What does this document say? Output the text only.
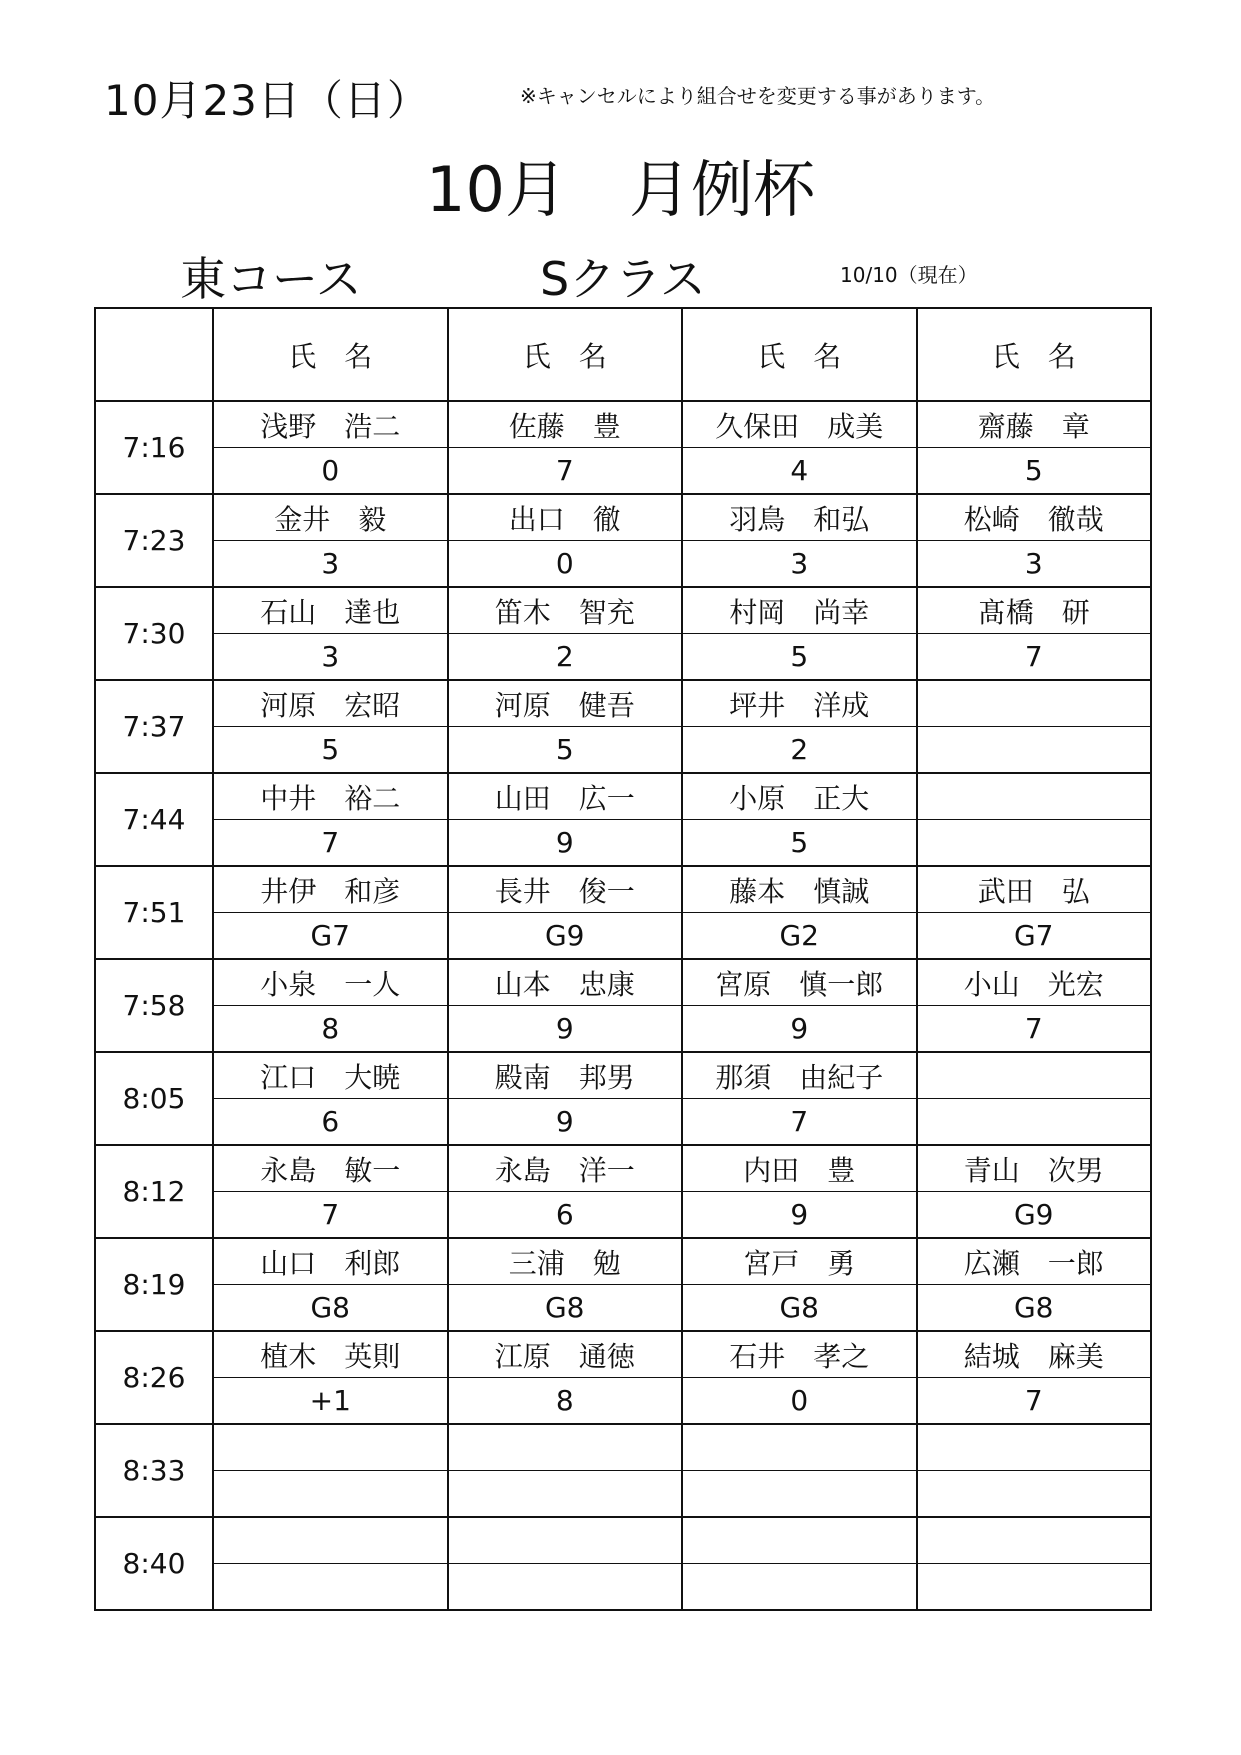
10月23日（日）	※キャンセルにより組合せを変更する事があります。
10月　月例杯
東コース	Sクラス	10/10（現在）
	氏　名	氏　名	氏　名	氏　名
7:16	浅野　浩二	佐藤　豊	久保田　成美	齋藤　章
	0	7	4	5
7:23	金井　毅	出口　徹	羽鳥　和弘	松崎　徹哉
	3	0	3	3
7:30	石山　達也	笛木　智充	村岡　尚幸	髙橋　研
	3	2	5	7
7:37	河原　宏昭	河原　健吾	坪井　洋成	
	5	5	2	
7:44	中井　裕二	山田　広一	小原　正大	
	7	9	5	
7:51	井伊　和彦	長井　俊一	藤本　慎誠	武田　弘
	G7	G9	G2	G7
7:58	小泉　一人	山本　忠康	宮原　慎一郎	小山　光宏
	8	9	9	7
8:05	江口　大暁	殿南　邦男	那須　由紀子	
	6	9	7	
8:12	永島　敏一	永島　洋一	内田　豊	青山　次男
	7	6	9	G9
8:19	山口　利郎	三浦　勉	宮戸　勇	広瀬　一郎
	G8	G8	G8	G8
8:26	植木　英則	江原　通徳	石井　孝之	結城　麻美
	+1	8	0	7
8:33				

8:40				
